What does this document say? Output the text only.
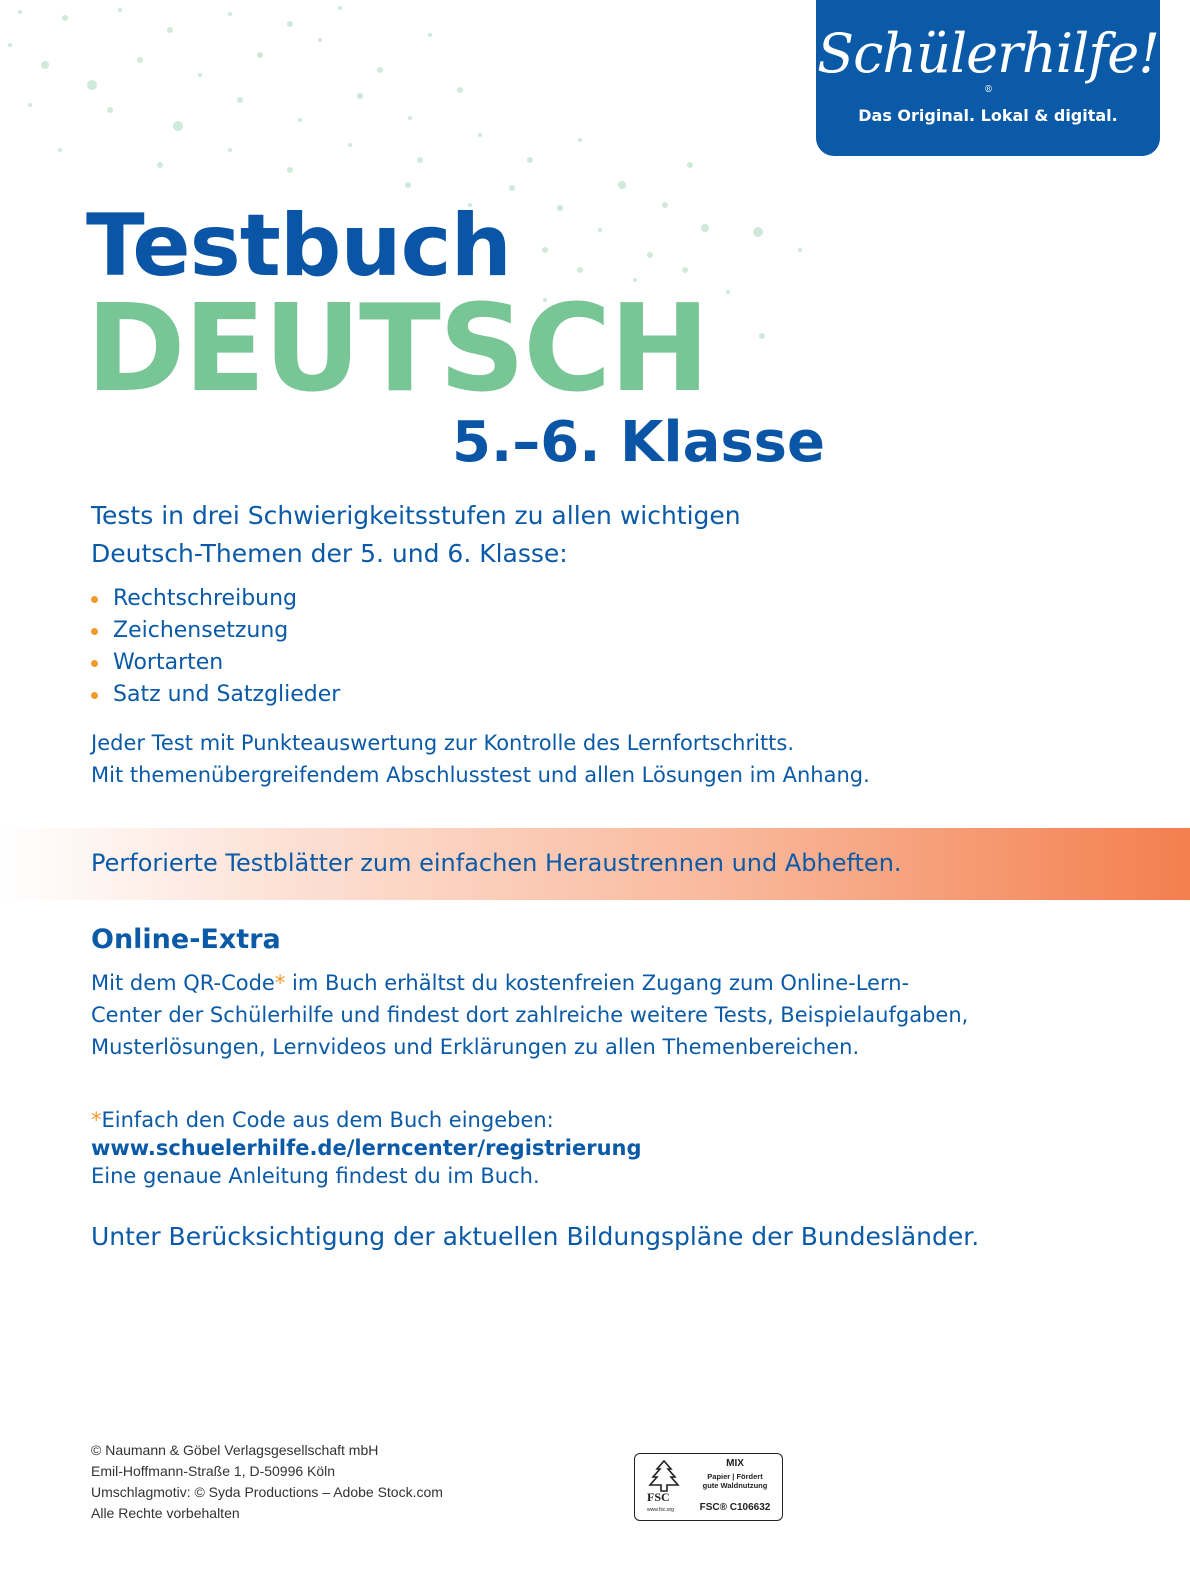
Schülerhilfe!®
Das Original. Lokal & digital.
Testbuch
DEUTSCH
5.–6. Klasse
Tests in drei Schwierigkeitsstufen zu allen wichtigen
Deutsch-Themen der 5. und 6. Klasse:
Rechtschreibung
Zeichensetzung
Wortarten
Satz und Satzglieder
Jeder Test mit Punkteauswertung zur Kontrolle des Lernfortschritts.
Mit themenübergreifendem Abschlusstest und allen Lösungen im Anhang.
Perforierte Testblätter zum einfachen Heraustrennen und Abheften.
Online-Extra
Mit dem QR-Code* im Buch erhältst du kostenfreien Zugang zum Online-Lern-
Center der Schülerhilfe und findest dort zahlreiche weitere Tests, Beispielaufgaben,
Musterlösungen, Lernvideos und Erklärungen zu allen Themenbereichen.
*Einfach den Code aus dem Buch eingeben:
www.schuelerhilfe.de/lerncenter/registrierung
Eine genaue Anleitung findest du im Buch.
Unter Berücksichtigung der aktuellen Bildungspläne der Bundesländer.
© Naumann & Göbel Verlagsgesellschaft mbH
Emil-Hoffmann-Straße 1, D-50996 Köln
Umschlagmotiv: © Syda Productions – Adobe Stock.com
Alle Rechte vorbehalten
FSC
www.fsc.org
MIX
Papier | Fördert
gute Waldnutzung
FSC® C106632
